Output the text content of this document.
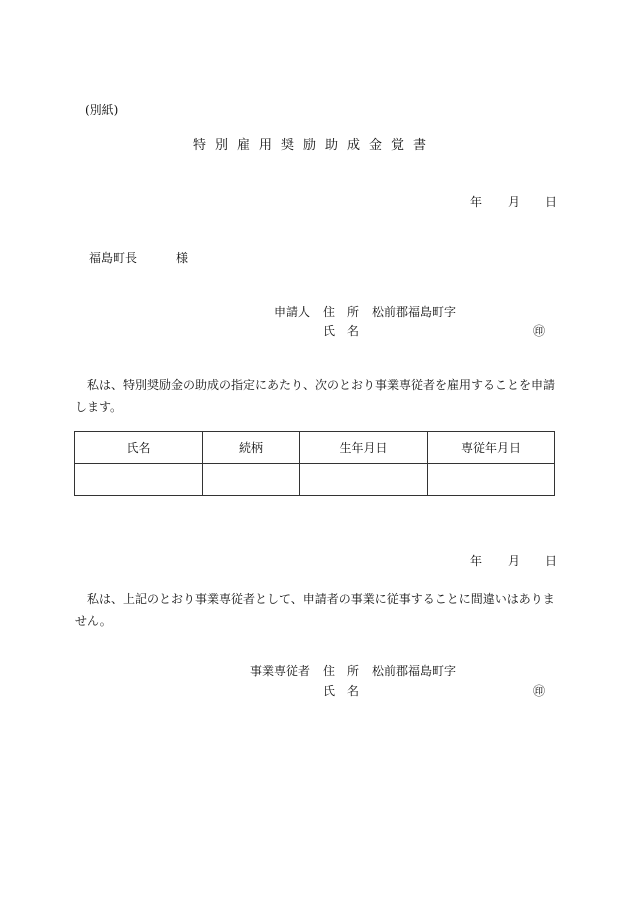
(別紙)
特別雇用奨励助成金覚書
年 月 日
福島町長	様
申請人 住　所 松前郡福島町字
氏　名	㊞
私は、特別奨励金の助成の指定にあたり、次のとおり事業専従者を雇用することを申請します。
氏名	続柄	生年月日	専従年月日

年 月 日
私は、上記のとおり事業専従者として、申請者の事業に従事することに間違いはありません。
事業専従者 住　所 松前郡福島町字
氏　名	㊞
